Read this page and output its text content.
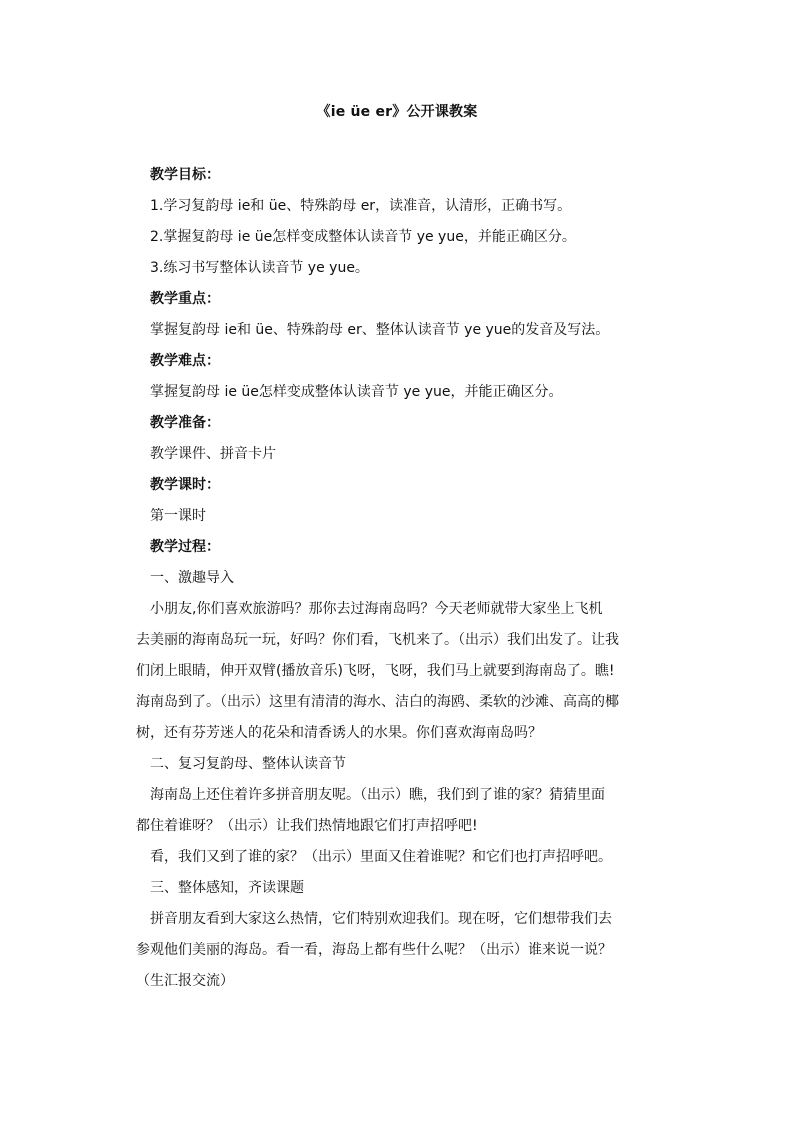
《ie üe er》公开课教案

教学目标：

1.学习复韵母 ie和 üe、特殊韵母 er，读准音，认清形，正确书写。

2.掌握复韵母 ie üe怎样变成整体认读音节 ye yue，并能正确区分。

3.练习书写整体认读音节 ye yue。

教学重点：

掌握复韵母 ie和 üe、特殊韵母 er、整体认读音节 ye yue的发音及写法。

教学难点：

掌握复韵母 ie üe怎样变成整体认读音节 ye yue，并能正确区分。

教学准备：

教学课件、拼音卡片

教学课时：

第一课时

教学过程：

一、激趣导入

小朋友,你们喜欢旅游吗？那你去过海南岛吗？今天老师就带大家坐上飞机

去美丽的海南岛玩一玩，好吗？你们看，飞机来了。（出示）我们出发了。让我

们闭上眼睛，伸开双臂(播放音乐)飞呀，飞呀，我们马上就要到海南岛了。瞧!

海南岛到了。（出示）这里有清清的海水、洁白的海鸥、柔软的沙滩、高高的椰

树，还有芬芳迷人的花朵和清香诱人的水果。你们喜欢海南岛吗？

二、复习复韵母、整体认读音节

海南岛上还住着许多拼音朋友呢。（出示）瞧，我们到了谁的家？猜猜里面

都住着谁呀？（出示）让我们热情地跟它们打声招呼吧!

看，我们又到了谁的家？（出示）里面又住着谁呢？和它们也打声招呼吧。

三、整体感知，齐读课题

拼音朋友看到大家这么热情，它们特别欢迎我们。现在呀，它们想带我们去

参观他们美丽的海岛。看一看，海岛上都有些什么呢？（出示）谁来说一说？

（生汇报交流）
